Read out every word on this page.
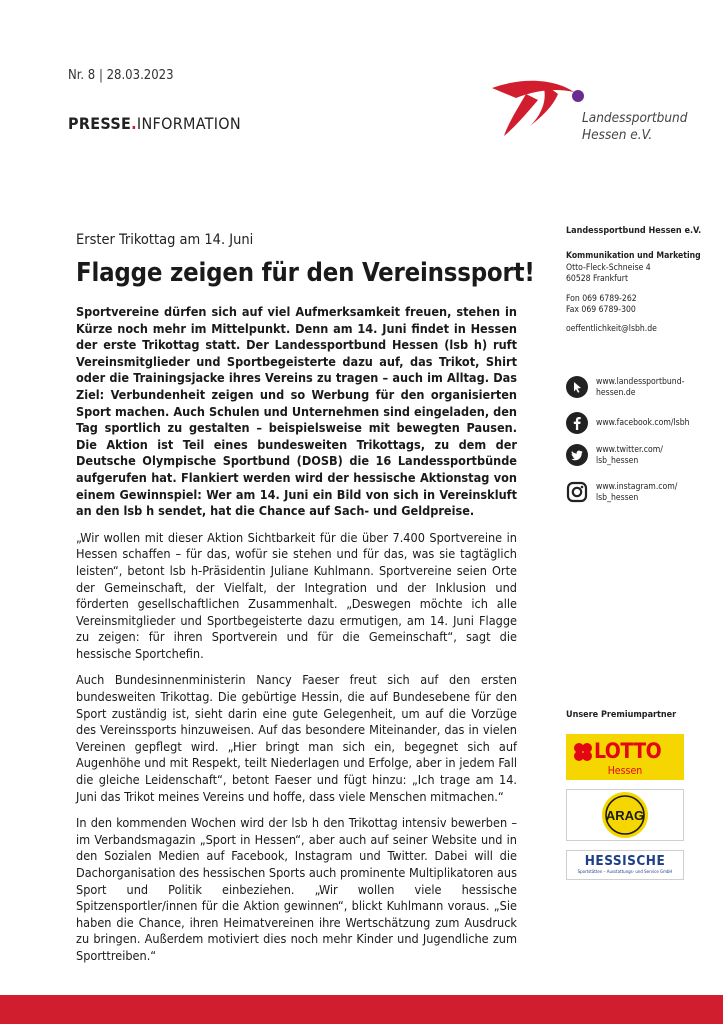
Nr. 8 | 28.03.2023
PRESSE.INFORMATION	Landessportbund
Hessen e.V.
Erster Trikottag am 14. Juni
Flagge zeigen für den Vereinssport!

Sportvereine dürfen sich auf viel Aufmerksamkeit freuen, stehen in Kürze noch mehr im Mittelpunkt. Denn am 14. Juni findet in Hessen der erste Trikottag statt. Der Landessportbund Hessen (lsb h) ruft Vereinsmitglieder und Sportbegeisterte dazu auf, das Trikot, Shirt oder die Trainingsjacke ihres Vereins zu tragen – auch im Alltag. Das Ziel: Verbundenheit zeigen und so Werbung für den organisierten Sport machen. Auch Schulen und Unternehmen sind eingeladen, den Tag sportlich zu gestalten – beispielsweise mit bewegten Pausen. Die Aktion ist Teil eines bundesweiten Trikottags, zu dem der Deutsche Olympische Sportbund (DOSB) die 16 Landessportbünde aufgerufen hat. Flankiert werden wird der hessische Aktionstag von einem Gewinnspiel: Wer am 14. Juni ein Bild von sich in Vereinskluft an den lsb h sendet, hat die Chance auf Sach- und Geldpreise.

„Wir wollen mit dieser Aktion Sichtbarkeit für die über 7.400 Sportvereine in Hessen schaffen – für das, wofür sie stehen und für das, was sie tagtäglich leisten“, betont lsb h-Präsidentin Juliane Kuhlmann. Sportvereine seien Orte der Gemeinschaft, der Vielfalt, der Integration und der Inklusion und förderten gesellschaftlichen Zusammenhalt. „Deswegen möchte ich alle Vereinsmitglieder und Sportbegeisterte dazu ermutigen, am 14. Juni Flagge zu zeigen: für ihren Sportverein und für die Gemeinschaft“, sagt die hessische Sportchefin.

Auch Bundesinnenministerin Nancy Faeser freut sich auf den ersten bundesweiten Trikottag. Die gebürtige Hessin, die auf Bundesebene für den Sport zuständig ist, sieht darin eine gute Gelegenheit, um auf die Vorzüge des Vereinssports hinzuweisen. Auf das besondere Miteinander, das in vielen Vereinen gepflegt wird. „Hier bringt man sich ein, begegnet sich auf Augenhöhe und mit Respekt, teilt Niederlagen und Erfolge, aber in jedem Fall die gleiche Leidenschaft“, betont Faeser und fügt hinzu: „Ich trage am 14. Juni das Trikot meines Vereins und hoffe, dass viele Menschen mitmachen.“

In den kommenden Wochen wird der lsb h den Trikottag intensiv bewerben – im Verbandsmagazin „Sport in Hessen“, aber auch auf seiner Website und in den Sozialen Medien auf Facebook, Instagram und Twitter. Dabei will die Dachorganisation des hessischen Sports auch prominente Multiplikatoren aus Sport und Politik einbeziehen. „Wir wollen viele hessische Spitzensportler/innen für die Aktion gewinnen“, blickt Kuhlmann voraus. „Sie haben die Chance, ihren Heimatvereinen ihre Wertschätzung zum Ausdruck zu bringen. Außerdem motiviert dies noch mehr Kinder und Jugendliche zum Sporttreiben.“

Landessportbund Hessen e.V.
Kommunikation und Marketing
Otto-Fleck-Schneise 4
60528 Frankfurt
Fon 069 6789-262
Fax 069 6789-300
oeffentlichkeit@lsbh.de
www.landessportbund-
hessen.de
www.facebook.com/lsbh
www.twitter.com/
lsb_hessen
www.instagram.com/
lsb_hessen
Unsere Premiumpartner
LOTTO
Hessen
ARAG
HESSISCHE
Sportstätten – Ausstattungs- und Service GmbH
